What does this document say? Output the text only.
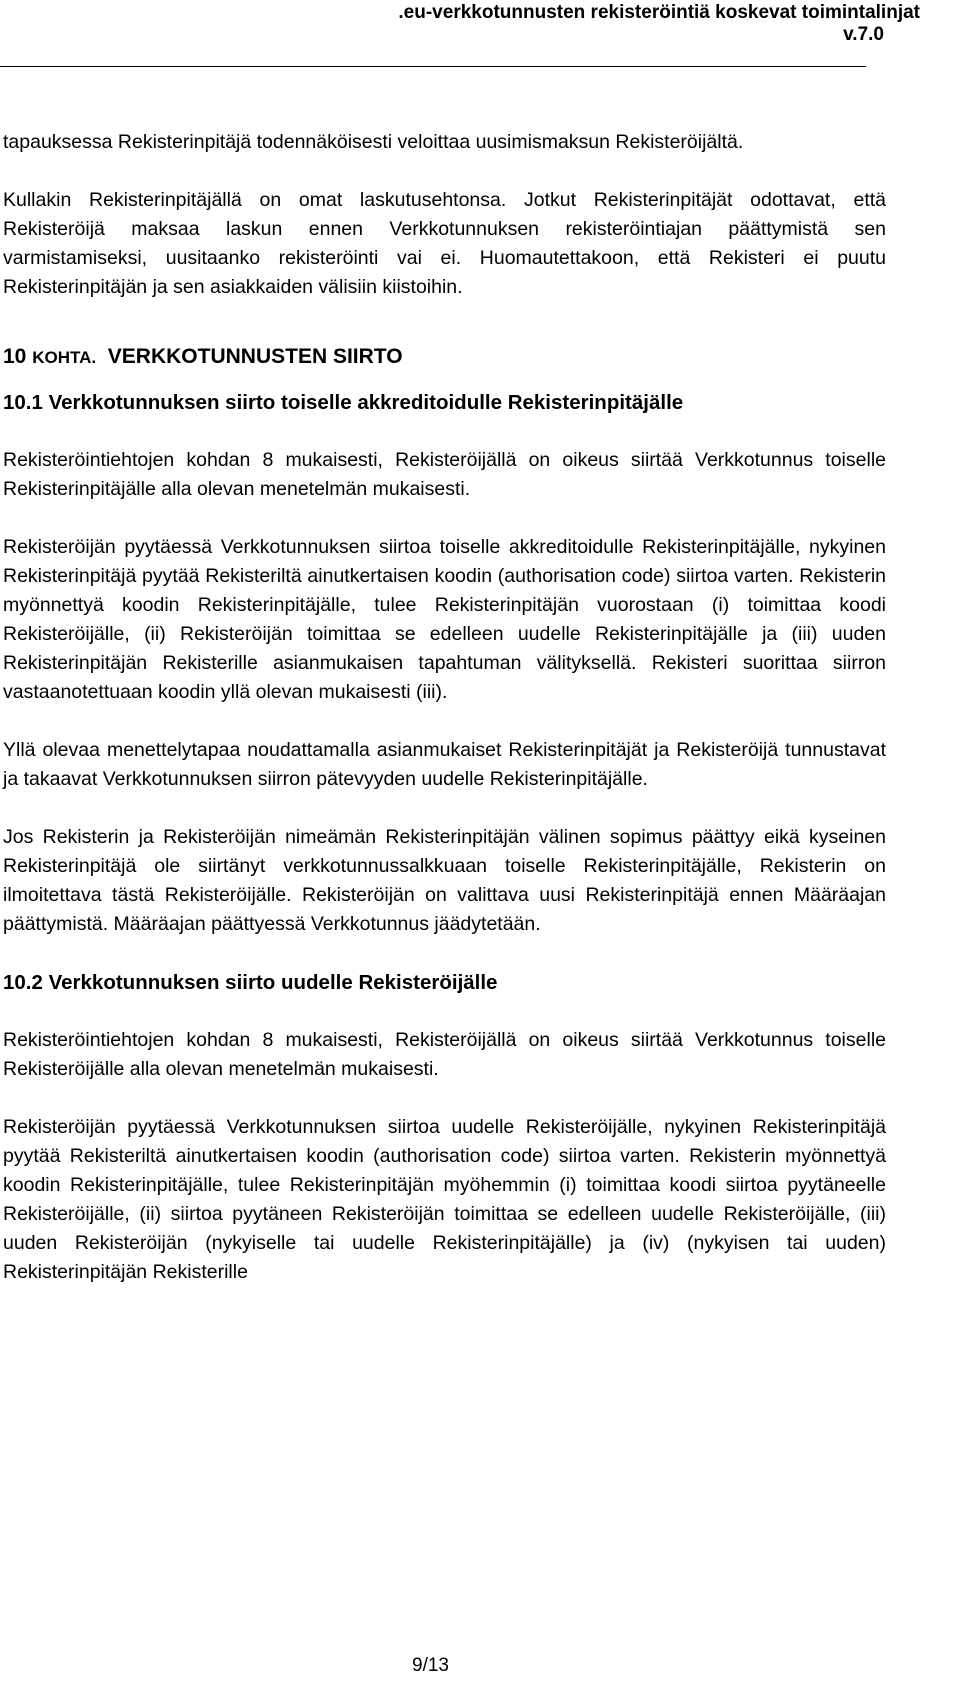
.eu-verkkotunnusten rekisteröintiä koskevat toimintalinjat
v.7.0

tapauksessa Rekisterinpitäjä todennäköisesti veloittaa uusimismaksun Rekisteröijältä.

Kullakin Rekisterinpitäjällä on omat laskutusehtonsa. Jotkut Rekisterinpitäjät odottavat, että Rekisteröijä maksaa laskun ennen Verkkotunnuksen rekisteröintiajan päättymistä sen varmistamiseksi, uusitaanko rekisteröinti vai ei. Huomautettakoon, että Rekisteri ei puutu Rekisterinpitäjän ja sen asiakkaiden välisiin kiistoihin.

10 KOHTA. VERKKOTUNNUSTEN SIIRTO
10.1 Verkkotunnuksen siirto toiselle akkreditoidulle Rekisterinpitäjälle

Rekisteröintiehtojen kohdan 8 mukaisesti, Rekisteröijällä on oikeus siirtää Verkkotunnus toiselle Rekisterinpitäjälle alla olevan menetelmän mukaisesti.

Rekisteröijän pyytäessä Verkkotunnuksen siirtoa toiselle akkreditoidulle Rekisterinpitäjälle, nykyinen Rekisterinpitäjä pyytää Rekisteriltä ainutkertaisen koodin (authorisation code) siirtoa varten. Rekisterin myönnettyä koodin Rekisterinpitäjälle, tulee Rekisterinpitäjän vuorostaan (i) toimittaa koodi Rekisteröijälle, (ii) Rekisteröijän toimittaa se edelleen uudelle Rekisterinpitäjälle ja (iii) uuden Rekisterinpitäjän Rekisterille asianmukaisen tapahtuman välityksellä. Rekisteri suorittaa siirron vastaanotettuaan koodin yllä olevan mukaisesti (iii).

Yllä olevaa menettelytapaa noudattamalla asianmukaiset Rekisterinpitäjät ja Rekisteröijä tunnustavat ja takaavat Verkkotunnuksen siirron pätevyyden uudelle Rekisterinpitäjälle.

Jos Rekisterin ja Rekisteröijän nimeämän Rekisterinpitäjän välinen sopimus päättyy eikä kyseinen Rekisterinpitäjä ole siirtänyt verkkotunnussalkkuaan toiselle Rekisterinpitäjälle, Rekisterin on ilmoitettava tästä Rekisteröijälle. Rekisteröijän on valittava uusi Rekisterinpitäjä ennen Määräajan päättymistä. Määräajan päättyessä Verkkotunnus jäädytetään.

10.2 Verkkotunnuksen siirto uudelle Rekisteröijälle

Rekisteröintiehtojen kohdan 8 mukaisesti, Rekisteröijällä on oikeus siirtää Verkkotunnus toiselle Rekisteröijälle alla olevan menetelmän mukaisesti.

Rekisteröijän pyytäessä Verkkotunnuksen siirtoa uudelle Rekisteröijälle, nykyinen Rekisterinpitäjä pyytää Rekisteriltä ainutkertaisen koodin (authorisation code) siirtoa varten. Rekisterin myönnettyä koodin Rekisterinpitäjälle, tulee Rekisterinpitäjän myöhemmin (i) toimittaa koodi siirtoa pyytäneelle Rekisteröijälle, (ii) siirtoa pyytäneen Rekisteröijän toimittaa se edelleen uudelle Rekisteröijälle, (iii) uuden Rekisteröijän (nykyiselle tai uudelle Rekisterinpitäjälle) ja (iv) (nykyisen tai uuden) Rekisterinpitäjän Rekisterille

9/13
